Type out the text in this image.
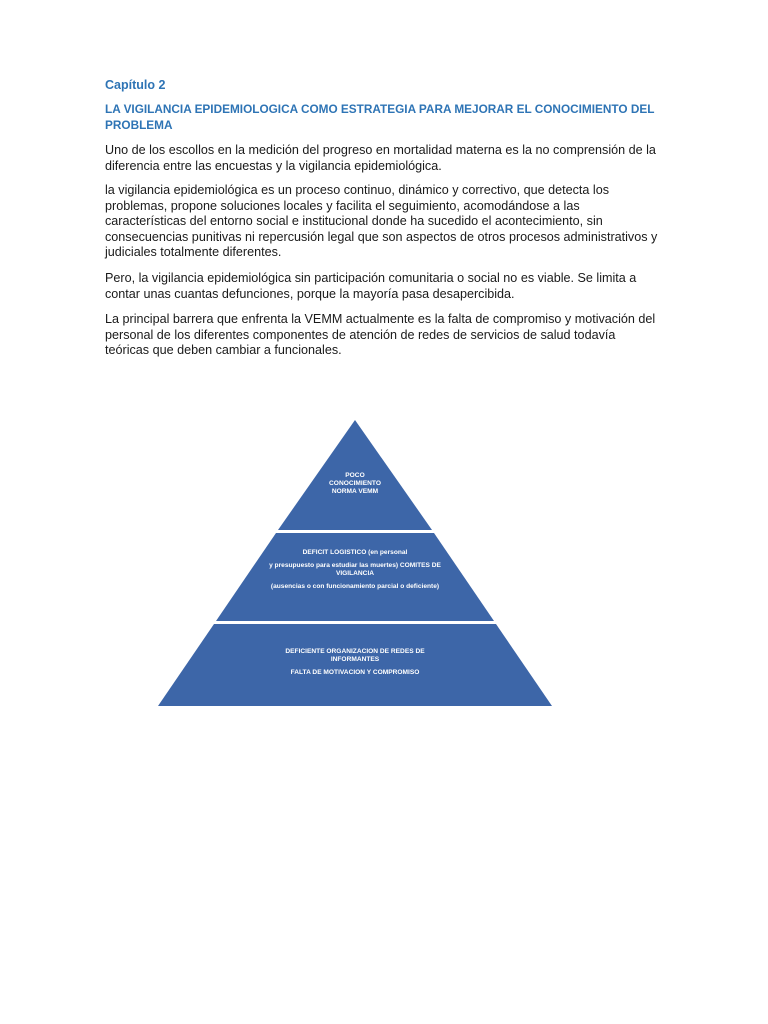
Capítulo 2
LA VIGILANCIA EPIDEMIOLOGICA COMO ESTRATEGIA PARA MEJORAR EL CONOCIMIENTO DEL PROBLEMA

Uno de los escollos en la medición del progreso en mortalidad materna es la no comprensión de la diferencia entre las encuestas y la vigilancia epidemiológica.

la vigilancia epidemiológica es un proceso continuo, dinámico y correctivo, que detecta los problemas, propone soluciones locales y facilita el seguimiento, acomodándose a las características del entorno social e institucional donde ha sucedido el acontecimiento, sin consecuencias punitivas ni repercusión legal que son aspectos de otros procesos administrativos y judiciales totalmente diferentes.

Pero, la vigilancia epidemiológica sin participación comunitaria o social no es viable. Se limita a contar unas cuantas defunciones, porque la mayoría pasa desapercibida.

La principal barrera que enfrenta la VEMM actualmente es la falta de compromiso y motivación del personal de los diferentes componentes de atención de redes de servicios de salud todavía teóricas que deben cambiar a funcionales.

POCO
CONOCIMIENTO
NORMA VEMM
DEFICIT LOGISTICO (en personal
y presupuesto para estudiar las muertes) COMITES DE
VIGILANCIA
(ausencias o con funcionamiento parcial o deficiente)
DEFICIENTE ORGANIZACION DE REDES DE
INFORMANTES
FALTA DE MOTIVACION Y COMPROMISO
